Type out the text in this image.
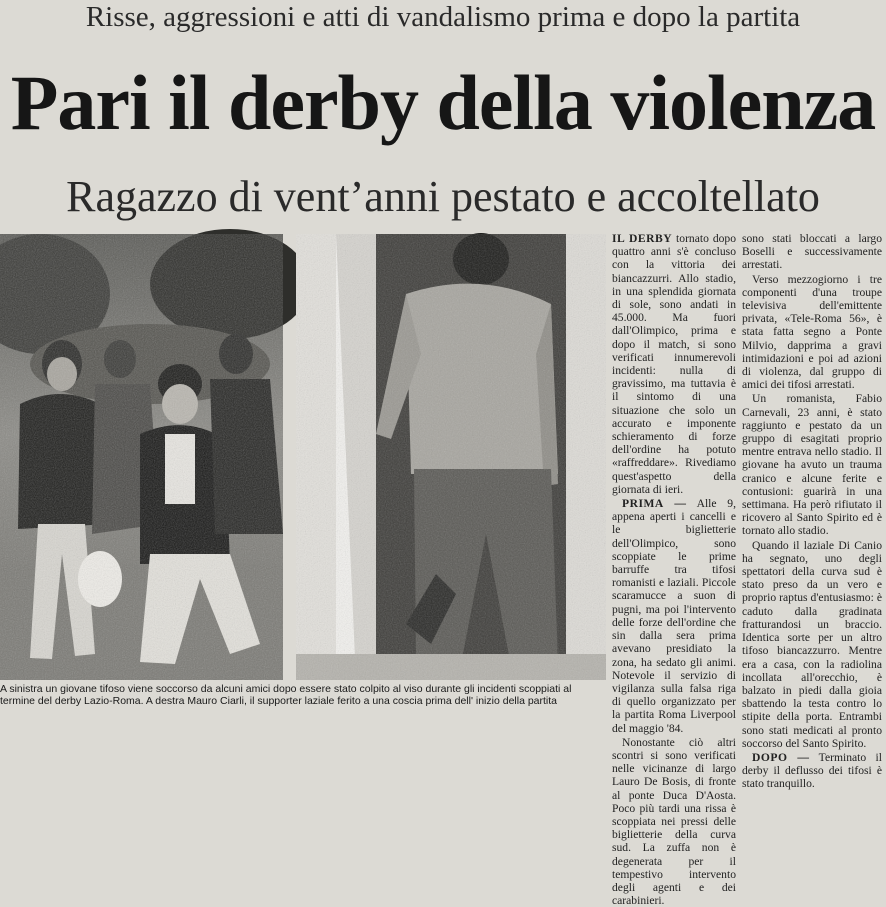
Risse, aggressioni e atti di vandalismo prima e dopo la partita
Pari il derby della violenza
Ragazzo di vent’anni pestato e accoltellato
A sinistra un giovane tifoso viene soccorso da alcuni amici dopo essere stato colpito al viso durante gli incidenti scoppiati al termine del derby Lazio-Roma. A destra Mauro Ciarli, il supporter laziale ferito a una coscia prima dell' inizio della partita

IL DERBY tornato dopo quattro anni s'è concluso con la vittoria dei biancazzurri. Allo stadio, in una splendida giornata di sole, sono andati in 45.000. Ma fuori dall'Olimpico, prima e dopo il match, si sono verificati innumerevoli incidenti: nulla di gravissimo, ma tuttavia è il sintomo di una situazione che solo un accurato e imponente schieramento di forze dell'ordine ha potuto «raffreddare». Rivediamo quest'aspetto della giornata di ieri.

PRIMA — Alle 9, appena aperti i cancelli e le biglietterie dell'Olimpico, sono scoppiate le prime barruffe tra tifosi romanisti e laziali. Piccole scaramucce a suon di pugni, ma poi l'intervento delle forze dell'ordine che sin dalla sera prima avevano presidiato la zona, ha sedato gli animi. Notevole il servizio di vigilanza sulla falsa riga di quello organizzato per la partita Roma Liverpool del maggio '84.

Nonostante ciò altri scontri si sono verificati nelle vicinanze di largo Lauro De Bosis, di fronte al ponte Duca D'Aosta. Poco più tardi una rissa è scoppiata nei pressi delle biglietterie della curva sud. La zuffa non è degenerata per il tempestivo intervento degli agenti e dei carabinieri.

sono stati bloccati a largo Boselli e successivamente arrestati.

Verso mezzogiorno i tre componenti d'una troupe televisiva dell'emittente privata, «Tele-Roma 56», è stata fatta segno a Ponte Milvio, dapprima a gravi intimidazioni e poi ad azioni di violenza, dal gruppo di amici dei tifosi arrestati.

Un romanista, Fabio Carnevali, 23 anni, è stato raggiunto e pestato da un gruppo di esagitati proprio mentre entrava nello stadio. Il giovane ha avuto un trauma cranico e alcune ferite e contusioni: guarirà in una settimana. Ha però rifiutato il ricovero al Santo Spirito ed è tornato allo stadio.

Quando il laziale Di Canio ha segnato, uno degli spettatori della curva sud è stato preso da un vero e proprio raptus d'entusiasmo: è caduto dalla gradinata fratturandosi un braccio. Identica sorte per un altro tifoso biancazzurro. Mentre era a casa, con la radiolina incollata all'orecchio, è balzato in piedi dalla gioia sbattendo la testa contro lo stipite della porta. Entrambi sono stati medicati al pronto soccorso del Santo Spirito.

DOPO — Terminato il derby il deflusso dei tifosi è stato tranquillo.
